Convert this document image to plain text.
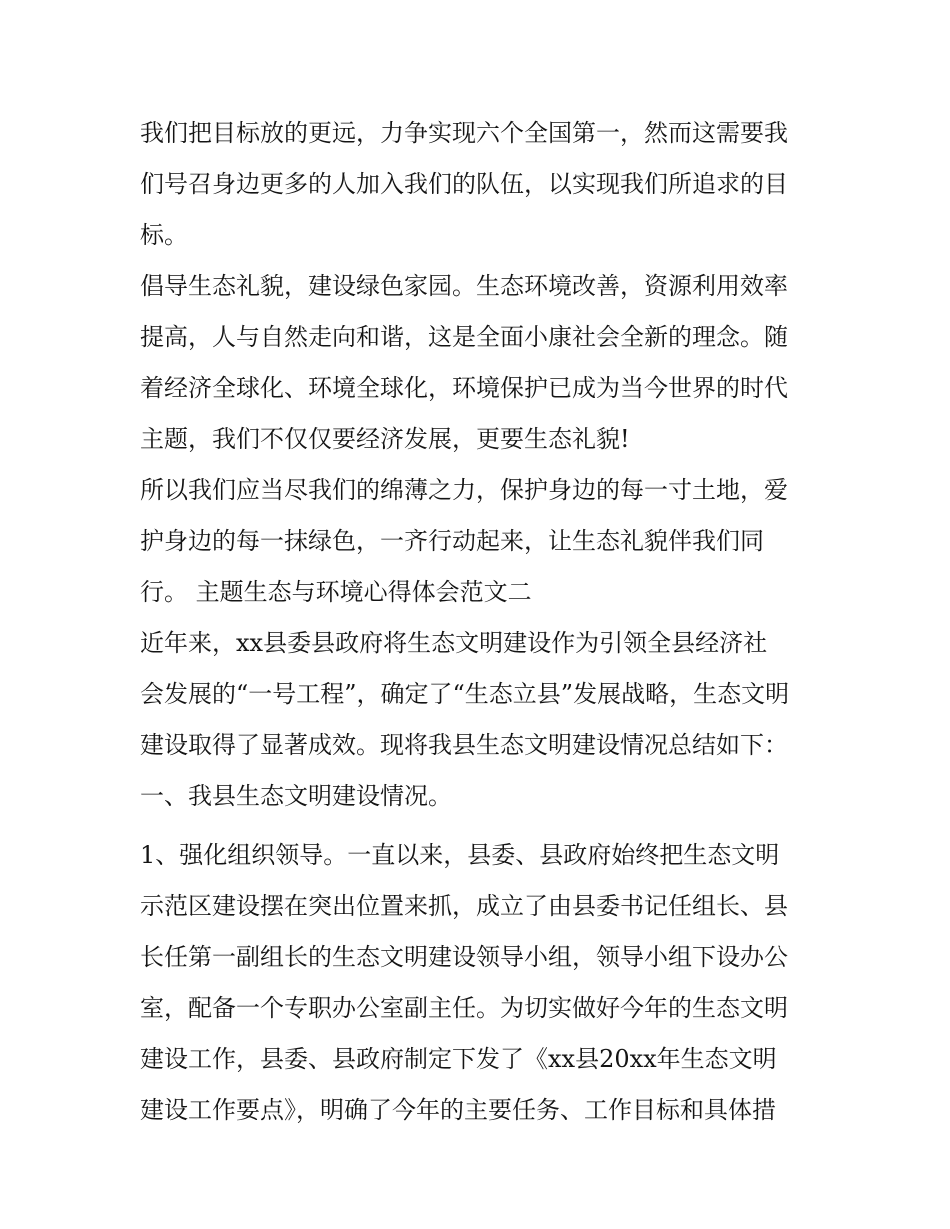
我们把目标放的更远，力争实现六个全国第一，然而这需要我
们号召身边更多的人加入我们的队伍，以实现我们所追求的目
标。
倡导生态礼貌，建设绿色家园。生态环境改善，资源利用效率
提高，人与自然走向和谐，这是全面小康社会全新的理念。随
着经济全球化、环境全球化，环境保护已成为当今世界的时代
主题，我们不仅仅要经济发展，更要生态礼貌!
所以我们应当尽我们的绵薄之力，保护身边的每一寸土地，爱
护身边的每一抹绿色，一齐行动起来，让生态礼貌伴我们同
行。 主题生态与环境心得体会范文二
近年来，xx县委县政府将生态文明建设作为引领全县经济社
会发展的“一号工程”，确定了“生态立县”发展战略，生态文明
建设取得了显著成效。现将我县生态文明建设情况总结如下：
一、我县生态文明建设情况。
1、强化组织领导。一直以来，县委、县政府始终把生态文明
示范区建设摆在突出位置来抓，成立了由县委书记任组长、县
长任第一副组长的生态文明建设领导小组，领导小组下设办公
室，配备一个专职办公室副主任。为切实做好今年的生态文明
建设工作，县委、县政府制定下发了《xx县20xx年生态文明
建设工作要点》，明确了今年的主要任务、工作目标和具体措
